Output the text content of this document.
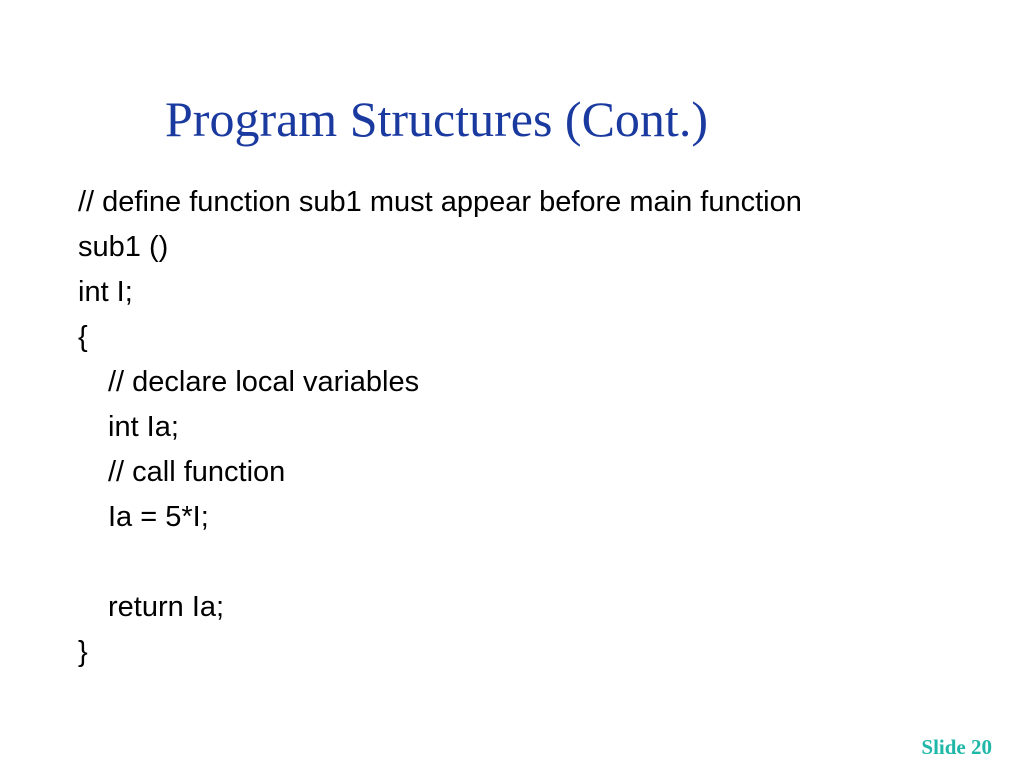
Program Structures (Cont.)
// define function sub1 must appear before main function
sub1 ()
int I;
{
// declare local variables
int Ia;
// call function
Ia = 5*I;
return Ia;
}
Slide 20
